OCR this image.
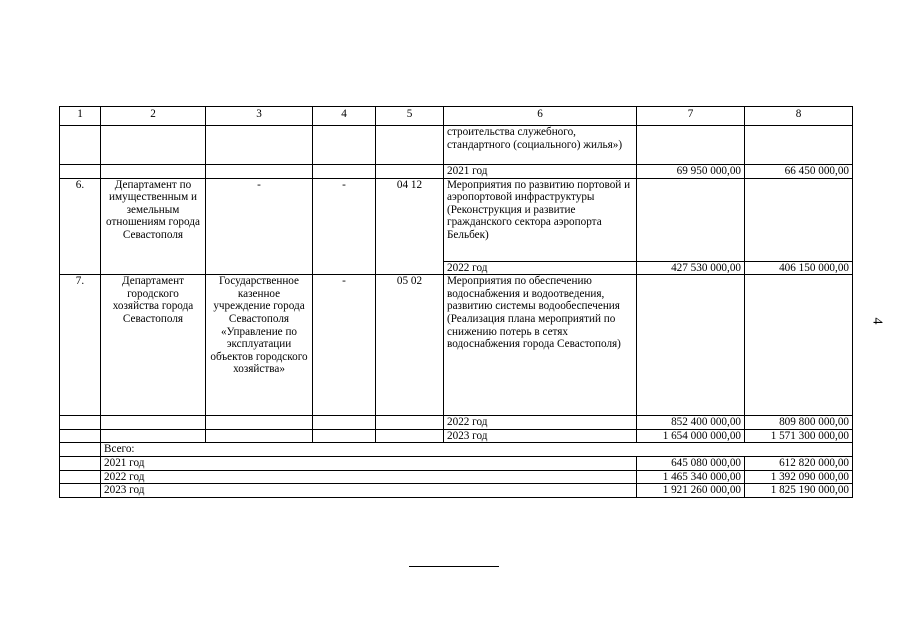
1	2	3	4	5	6	7	8
					строительства служебного, стандартного (социального) жилья»)		
					2021 год	69 950 000,00	66 450 000,00
6.	Департамент по имущественным и земельным отношениям города Севастополя	-	-	04 12	Мероприятия по развитию портовой и аэропортовой инфраструктуры (Реконструкция и развитие гражданского сектора аэропорта Бельбек)		
					2022 год	427 530 000,00	406 150 000,00
7.	Департамент городского хозяйства города Севастополя	Государственное казенное учреждение города Севастополя «Управление по эксплуатации объектов городского хозяйства»	-	05 02	Мероприятия по обеспечению водоснабжения и водоотведения, развитию системы водообеспечения (Реализация плана мероприятий по снижению потерь в сетях водоснабжения города Севастополя)		
					2022 год	852 400 000,00	809 800 000,00
					2023 год	1 654 000 000,00	1 571 300 000,00
	Всего:						
	2021 год					645 080 000,00	612 820 000,00
	2022 год					1 465 340 000,00	1 392 090 000,00
	2023 год					1 921 260 000,00	1 825 190 000,00
4
